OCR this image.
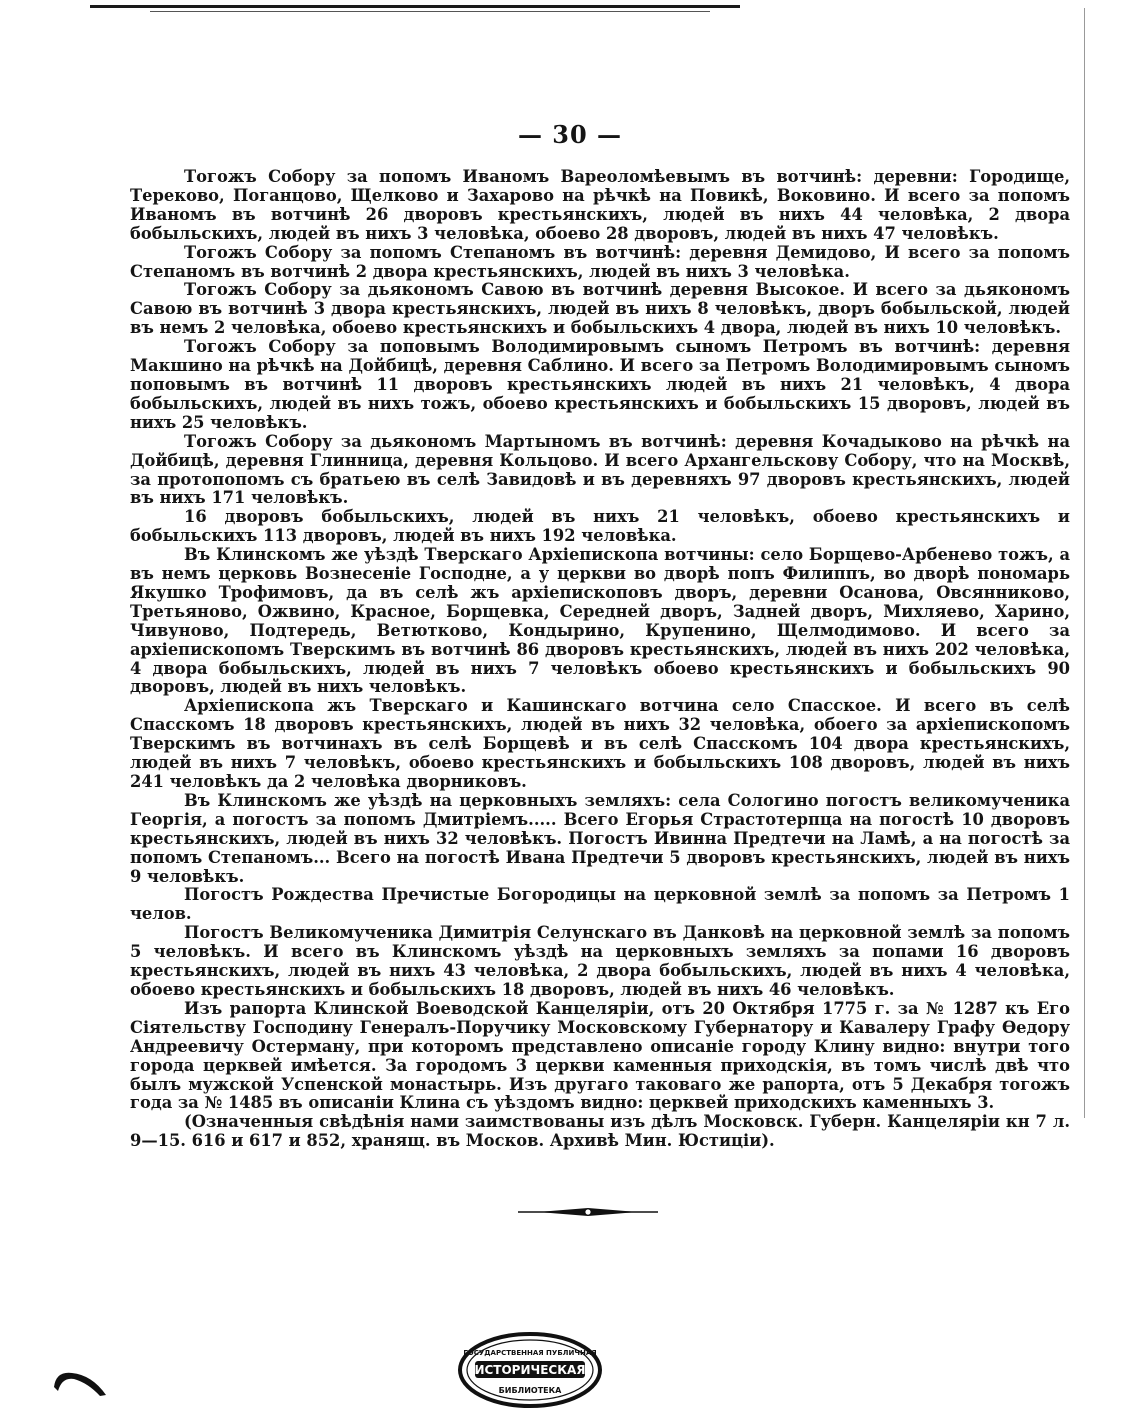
— 30 —

Тогожъ Собору за попомъ Иваномъ Вареоломѣевымъ въ вотчинѣ: деревни: Городище, Тереково, Поганцово, Щелково и Захарово на рѣчкѣ на Повикѣ, Воковино. И всего за попомъ Иваномъ въ вотчинѣ 26 дворовъ крестьянскихъ, людей въ нихъ 44 человѣка, 2 двора бобыльскихъ, людей въ нихъ 3 человѣка, обоево 28 дворовъ, людей въ нихъ 47 человѣкъ.

Тогожъ Собору за попомъ Степаномъ въ вотчинѣ: деревня Демидово, И всего за попомъ Степаномъ въ вотчинѣ 2 двора крестьянскихъ, людей въ нихъ 3 человѣка.

Тогожъ Собору за дьякономъ Савою въ вотчинѣ деревня Высокое. И всего за дьякономъ Савою въ вотчинѣ 3 двора крестьянскихъ, людей въ нихъ 8 человѣкъ, дворъ бобыльской, людей въ немъ 2 человѣка, обоево крестьянскихъ и бобыльскихъ 4 двора, людей въ нихъ 10 человѣкъ.

Тогожъ Собору за поповымъ Володимировымъ сыномъ Петромъ въ вотчинѣ: деревня Макшино на рѣчкѣ на Дойбицѣ, деревня Саблино. И всего за Петромъ Володимировымъ сыномъ поповымъ въ вотчинѣ 11 дворовъ крестьянскихъ людей въ нихъ 21 человѣкъ, 4 двора бобыльскихъ, людей въ нихъ тожъ, обоево крестьянскихъ и бобыльскихъ 15 дворовъ, людей въ нихъ 25 человѣкъ.

Тогожъ Собору за дьякономъ Мартыномъ въ вотчинѣ: деревня Кочадыково на рѣчкѣ на Дойбицѣ, деревня Глинница, деревня Кольцово. И всего Архангельскову Собору, что на Москвѣ, за протопопомъ съ братьею въ селѣ Завидовѣ и въ деревняхъ 97 дворовъ крестьянскихъ, людей въ нихъ 171 человѣкъ.

16 дворовъ бобыльскихъ, людей въ нихъ 21 человѣкъ, обоево крестьянскихъ и бобыльскихъ 113 дворовъ, людей въ нихъ 192 человѣка.

Въ Клинскомъ же уѣздѣ Тверскаго Архіепископа вотчины: село Борщево-Арбенево тожъ, а въ немъ церковь Вознесеніе Господне, а у церкви во дворѣ попъ Филиппъ, во дворѣ пономарь Якушко Трофимовъ, да въ селѣ жъ архіепископовъ дворъ, деревни Осанова, Овсянниково, Третьяново, Ожвино, Красное, Борщевка, Середней дворъ, Задней дворъ, Михляево, Харино, Чивуново, Подтередь, Ветютково, Кондырино, Крупенино, Щелмодимово. И всего за архіепископомъ Тверскимъ въ вотчинѣ 86 дворовъ крестьянскихъ, людей въ нихъ 202 человѣка, 4 двора бобыльскихъ, людей въ нихъ 7 человѣкъ обоево крестьянскихъ и бобыльскихъ 90 дворовъ, людей въ нихъ человѣкъ.

Архіепископа жъ Тверскаго и Кашинскаго вотчина село Спасское. И всего въ селѣ Спасскомъ 18 дворовъ крестьянскихъ, людей въ нихъ 32 человѣка, обоего за архіепископомъ Тверскимъ въ вотчинахъ въ селѣ Борщевѣ и въ селѣ Спасскомъ 104 двора крестьянскихъ, людей въ нихъ 7 человѣкъ, обоево крестьянскихъ и бобыльскихъ 108 дворовъ, людей въ нихъ 241 человѣкъ да 2 человѣка дворниковъ.

Въ Клинскомъ же уѣздѣ на церковныхъ земляхъ: села Сологино погостъ великомученика Георгія, а погостъ за попомъ Дмитріемъ..... Всего Егорья Страстотерпца на погостѣ 10 дворовъ крестьянскихъ, людей въ нихъ 32 человѣкъ. Погостъ Ивинна Предтечи на Ламѣ, а на погостѣ за попомъ Степаномъ... Всего на погостѣ Ивана Предтечи 5 дворовъ крестьянскихъ, людей въ нихъ 9 человѣкъ.

Погостъ Рождества Пречистые Богородицы на церковной землѣ за попомъ за Петромъ 1 челов.

Погостъ Великомученика Димитрія Селунскаго въ Данковѣ на церковной землѣ за попомъ 5 человѣкъ. И всего въ Клинскомъ уѣздѣ на церковныхъ земляхъ за попами 16 дворовъ крестьянскихъ, людей въ нихъ 43 человѣка, 2 двора бобыльскихъ, людей въ нихъ 4 человѣка, обоево крестьянскихъ и бобыльскихъ 18 дворовъ, людей въ нихъ 46 человѣкъ.

Изъ рапорта Клинской Воеводской Канцеляріи, отъ 20 Октября 1775 г. за № 1287 къ Его Сіятельству Господину Генералъ-Поручику Московскому Губернатору и Кавалеру Графу Ѳедору Андреевичу Остерману, при которомъ представлено описаніе городу Клину видно: внутри того города церквей имѣется. За городомъ 3 церкви каменныя приходскія, въ томъ числѣ двѣ что былъ мужской Успенской монастырь. Изъ другаго таковаго же рапорта, отъ 5 Декабря тогожъ года за № 1485 въ описаніи Клина съ уѣздомъ видно: церквей приходскихъ каменныхъ 3.

(Означенныя свѣдѣнія нами заимствованы изъ дѣлъ Московск. Губерн. Канцеляріи кн 7 л. 9—15. 616 и 617 и 852, хранящ. въ Москов. Архивѣ Мин. Юстиціи).

ГОСУДАРСТВЕННАЯ ПУБЛИЧНАЯ
ИСТОРИЧЕСКАЯ
БИБЛИОТЕКА
